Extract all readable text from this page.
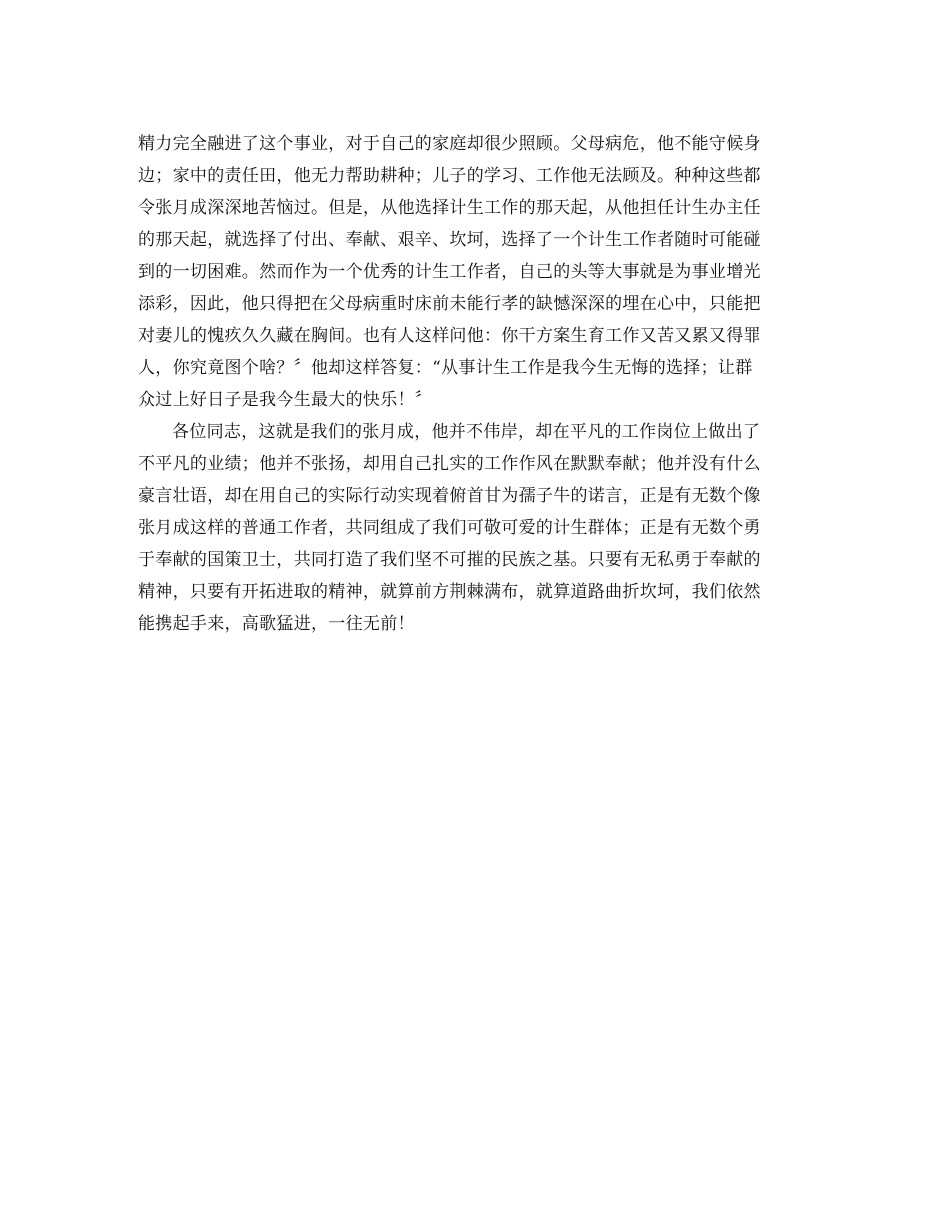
精力完全融进了这个事业，对于自己的家庭却很少照顾。父母病危，他不能守候身
边；家中的责任田，他无力帮助耕种；儿子的学习、工作他无法顾及。种种这些都
令张月成深深地苦恼过。但是，从他选择计生工作的那天起，从他担任计生办主任
的那天起，就选择了付出、奉献、艰辛、坎坷，选择了一个计生工作者随时可能碰
到的一切困难。然而作为一个优秀的计生工作者，自己的头等大事就是为事业增光
添彩，因此，他只得把在父母病重时床前未能行孝的缺憾深深的埋在心中，只能把
对妻儿的愧疚久久藏在胸间。也有人这样问他：你干方案生育工作又苦又累又得罪
人，你究竟图个啥？〞他却这样答复：“从事计生工作是我今生无悔的选择；让群
众过上好日子是我今生最大的快乐！〞
各位同志，这就是我们的张月成，他并不伟岸，却在平凡的工作岗位上做出了
不平凡的业绩；他并不张扬，却用自己扎实的工作作风在默默奉献；他并没有什么
豪言壮语，却在用自己的实际行动实现着俯首甘为孺子牛的诺言，正是有无数个像
张月成这样的普通工作者，共同组成了我们可敬可爱的计生群体；正是有无数个勇
于奉献的国策卫士，共同打造了我们坚不可摧的民族之基。只要有无私勇于奉献的
精神，只要有开拓进取的精神，就算前方荆棘满布，就算道路曲折坎坷，我们依然
能携起手来，高歌猛进，一往无前！
